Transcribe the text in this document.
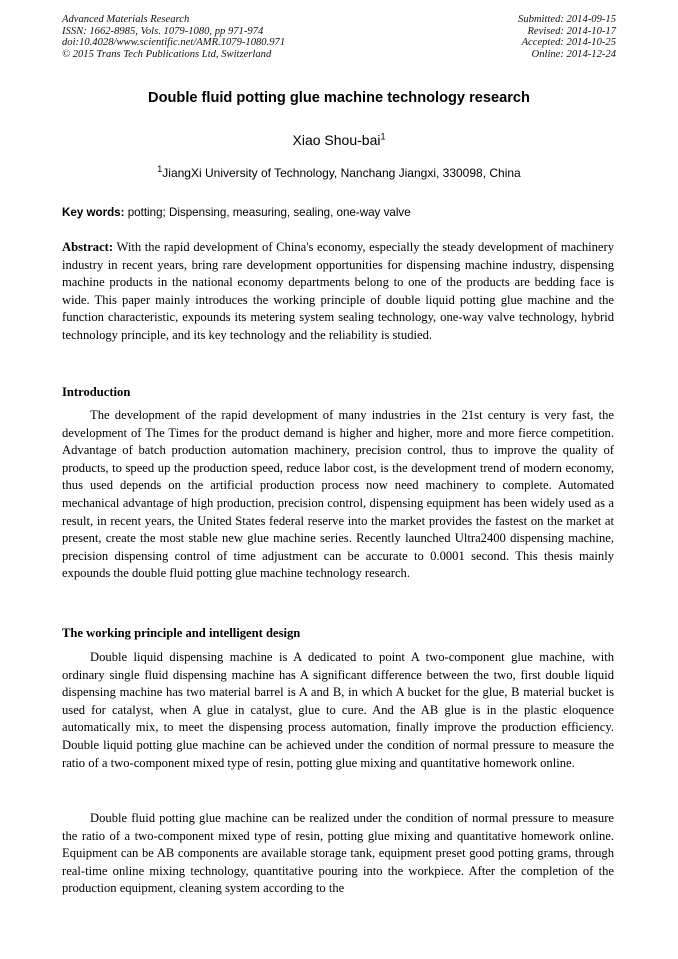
Advanced Materials Research
ISSN: 1662-8985, Vols. 1079-1080, pp 971-974
doi:10.4028/www.scientific.net/AMR.1079-1080.971
© 2015 Trans Tech Publications Ltd, Switzerland
Submitted: 2014-09-15
Revised: 2014-10-17
Accepted: 2014-10-25
Online: 2014-12-24
Double fluid potting glue machine technology research
Xiao Shou-bai$^1$
$^1$JiangXi University of Technology, Nanchang Jiangxi, 330098, China
Key words: potting; Dispensing, measuring, sealing, one-way valve
Abstract: With the rapid development of China's economy, especially the steady development of machinery industry in recent years, bring rare development opportunities for dispensing machine industry, dispensing machine products in the national economy departments belong to one of the products are bedding face is wide. This paper mainly introduces the working principle of double liquid potting glue machine and the function characteristic, expounds its metering system sealing technology, one-way valve technology, hybrid technology principle, and its key technology and the reliability is studied.
Introduction
The development of the rapid development of many industries in the 21st century is very fast, the development of The Times for the product demand is higher and higher, more and more fierce competition. Advantage of batch production automation machinery, precision control, thus to improve the quality of products, to speed up the production speed, reduce labor cost, is the development trend of modern economy, thus used depends on the artificial production process now need machinery to complete. Automated mechanical advantage of high production, precision control, dispensing equipment has been widely used as a result, in recent years, the United States federal reserve into the market provides the fastest on the market at present, create the most stable new glue machine series. Recently launched Ultra2400 dispensing machine, precision dispensing control of time adjustment can be accurate to 0.0001 second. This thesis mainly expounds the double fluid potting glue machine technology research.
The working principle and intelligent design
Double liquid dispensing machine is A dedicated to point A two-component glue machine, with ordinary single fluid dispensing machine has A significant difference between the two, first double liquid dispensing machine has two material barrel is A and B, in which A bucket for the glue, B material bucket is used for catalyst, when A glue in catalyst, glue to cure. And the AB glue is in the plastic eloquence automatically mix, to meet the dispensing process automation, finally improve the production efficiency. Double liquid potting glue machine can be achieved under the condition of normal pressure to measure the ratio of a two-component mixed type of resin, potting glue mixing and quantitative homework online.
Double fluid potting glue machine can be realized under the condition of normal pressure to measure the ratio of a two-component mixed type of resin, potting glue mixing and quantitative homework online. Equipment can be AB components are available storage tank, equipment preset good potting grams, through real-time online mixing technology, quantitative pouring into the workpiece. After the completion of the production equipment, cleaning system according to the
